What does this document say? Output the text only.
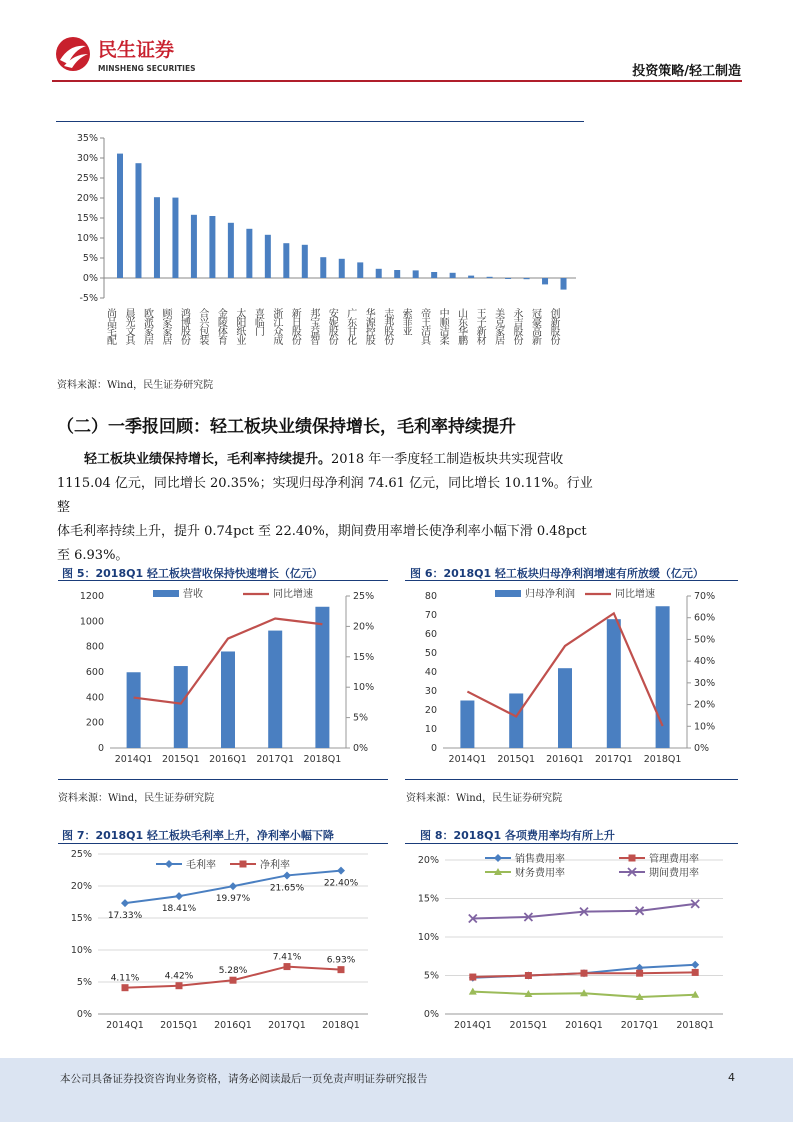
民生证券
MINSHENG SECURITIES	投资策略/轻工制造
-5%
0%
5%
10%
15%
20%
25%
30%
35%
尚品宅配 晨光文具 欧派家居 顾家家居 鸿博股份 合兴包装 金陵体育 太阳纸业 喜临门 浙江众成 新日股份 邦宝益智 安妮股份 广东甘化 华源控股 志邦股份 索菲亚 帝王洁具 中顺洁柔 山东华鹏 王子新材 美克家居 永吉股份 冠豪高新 创新股份
资料来源：Wind，民生证券研究院
（二）一季报回顾：轻工板块业绩保持增长，毛利率持续提升
轻工板块业绩保持增长，毛利率持续提升。2018 年一季度轻工制造板块共实现营收
1115.04 亿元，同比增长 20.35%；实现归母净利润 74.61 亿元，同比增长 10.11%。行业整
体毛利率持续上升，提升 0.74pct 至 22.40%，期间费用率增长使净利率小幅下滑 0.48pct
至 6.93%。
图 5：2018Q1 轻工板块营收保持快速增长（亿元）
0
200
400
600
800
1000
1200
0%
5%
10%
15%
20%
25%
2014Q1 2015Q1 2016Q1 2017Q1 2018Q1
营收	同比增速
资料来源：Wind，民生证券研究院
图 6：2018Q1 轻工板块归母净利润增速有所放缓（亿元）
0
10
20
30
40
50
60
70
80
0%
10%
20%
30%
40%
50%
60%
70%
2014Q1 2015Q1 2016Q1 2017Q1 2018Q1
归母净利润	同比增速
资料来源：Wind，民生证券研究院
图 7：2018Q1 轻工板块毛利率上升，净利率小幅下降
0%
5%
10%
15%
20%
25%
2014Q1 2015Q1 2016Q1 2017Q1 2018Q1
17.33%
18.41%
19.97%
21.65% 22.40%
4.11%	4.42%
5.28%
7.41%	6.93%
毛利率	净利率
图 8：2018Q1 各项费用率均有所上升
0%
5%
10%
15%
20%
2014Q1 2015Q1 2016Q1 2017Q1 2018Q1
销售费用率	管理费用率
财务费用率	期间费用率
本公司具备证券投资咨询业务资格，请务必阅读最后一页免责声明证券研究报告	4
